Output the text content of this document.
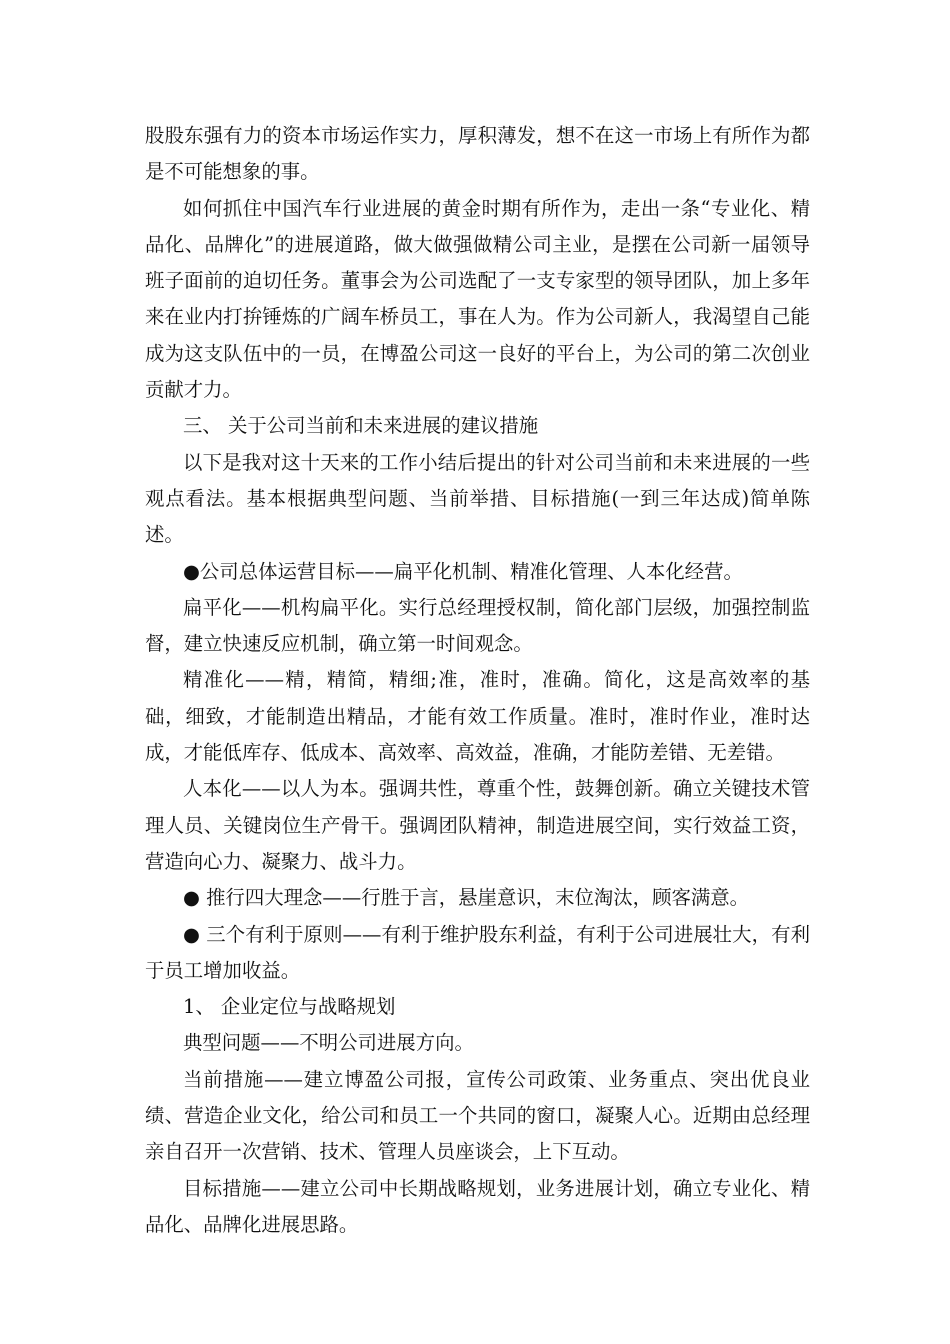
股股东强有力的资本市场运作实力，厚积薄发，想不在这一市场上有所作为都是不可能想象的事。

如何抓住中国汽车行业进展的黄金时期有所作为，走出一条“专业化、精品化、品牌化”的进展道路，做大做强做精公司主业，是摆在公司新一届领导班子面前的迫切任务。董事会为公司选配了一支专家型的领导团队，加上多年来在业内打拚锤炼的广阔车桥员工，事在人为。作为公司新人，我渴望自己能成为这支队伍中的一员，在博盈公司这一良好的平台上，为公司的第二次创业贡献才力。

三、 关于公司当前和未来进展的建议措施

以下是我对这十天来的工作小结后提出的针对公司当前和未来进展的一些观点看法。基本根据典型问题、当前举措、目标措施(一到三年达成)简单陈述。

●公司总体运营目标——扁平化机制、精准化管理、人本化经营。

扁平化——机构扁平化。实行总经理授权制，简化部门层级，加强控制监督，建立快速反应机制，确立第一时间观念。

精准化——精，精简，精细;准，准时，准确。简化，这是高效率的基础，细致，才能制造出精品，才能有效工作质量。准时，准时作业，准时达成，才能低库存、低成本、高效率、高效益，准确，才能防差错、无差错。

人本化——以人为本。强调共性，尊重个性，鼓舞创新。确立关键技术管理人员、关键岗位生产骨干。强调团队精神，制造进展空间，实行效益工资，营造向心力、凝聚力、战斗力。

● 推行四大理念——行胜于言，悬崖意识，末位淘汰，顾客满意。

● 三个有利于原则——有利于维护股东利益，有利于公司进展壮大，有利于员工增加收益。

1、 企业定位与战略规划

典型问题——不明公司进展方向。

当前措施——建立博盈公司报，宣传公司政策、业务重点、突出优良业绩、营造企业文化，给公司和员工一个共同的窗口，凝聚人心。近期由总经理亲自召开一次营销、技术、管理人员座谈会，上下互动。

目标措施——建立公司中长期战略规划，业务进展计划，确立专业化、精品化、品牌化进展思路。
